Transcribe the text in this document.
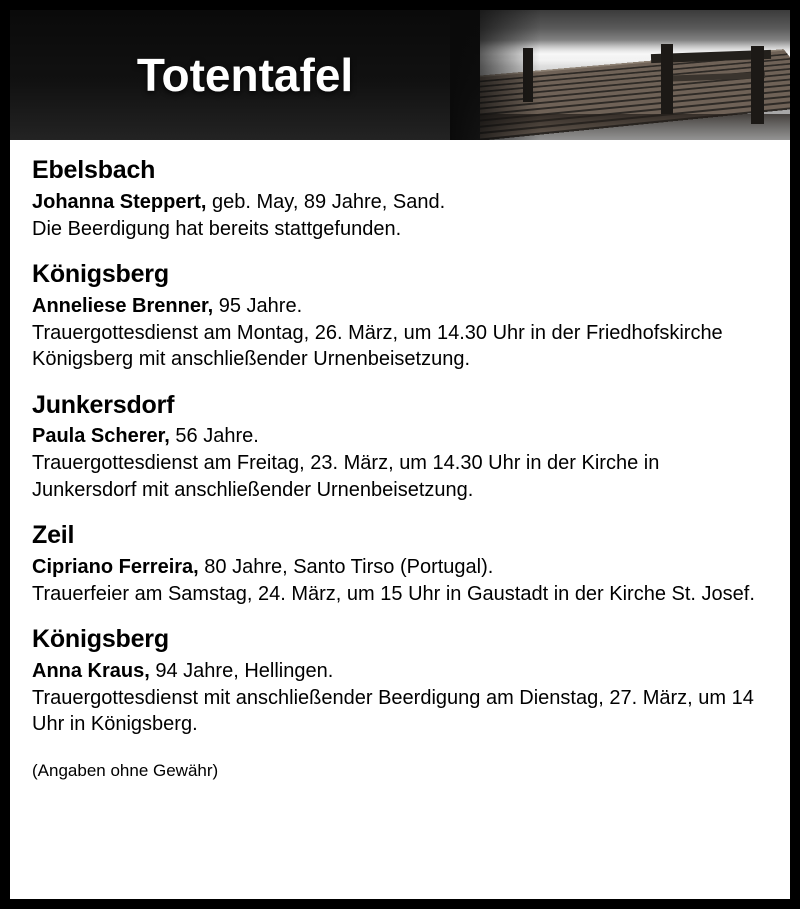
Totentafel
Ebelsbach
Johanna Steppert, geb. May, 89 Jahre, Sand.
Die Beerdigung hat bereits stattgefunden.
Königsberg
Anneliese Brenner, 95 Jahre.
Trauergottesdienst am Montag, 26. März, um 14.30 Uhr in der Friedhofskirche Königsberg mit anschließender Urnenbeisetzung.
Junkersdorf
Paula Scherer, 56 Jahre.
Trauergottesdienst am Freitag, 23. März, um 14.30 Uhr in der Kirche in Junkersdorf mit anschließender Urnenbeisetzung.
Zeil
Cipriano Ferreira, 80 Jahre, Santo Tirso (Portugal).
Trauerfeier am Samstag, 24. März, um 15 Uhr in Gaustadt in der Kirche St. Josef.
Königsberg
Anna Kraus, 94 Jahre, Hellingen.
Trauergottesdienst mit anschließender Beerdigung am Dienstag, 27. März, um 14 Uhr in Königsberg.
(Angaben ohne Gewähr)
